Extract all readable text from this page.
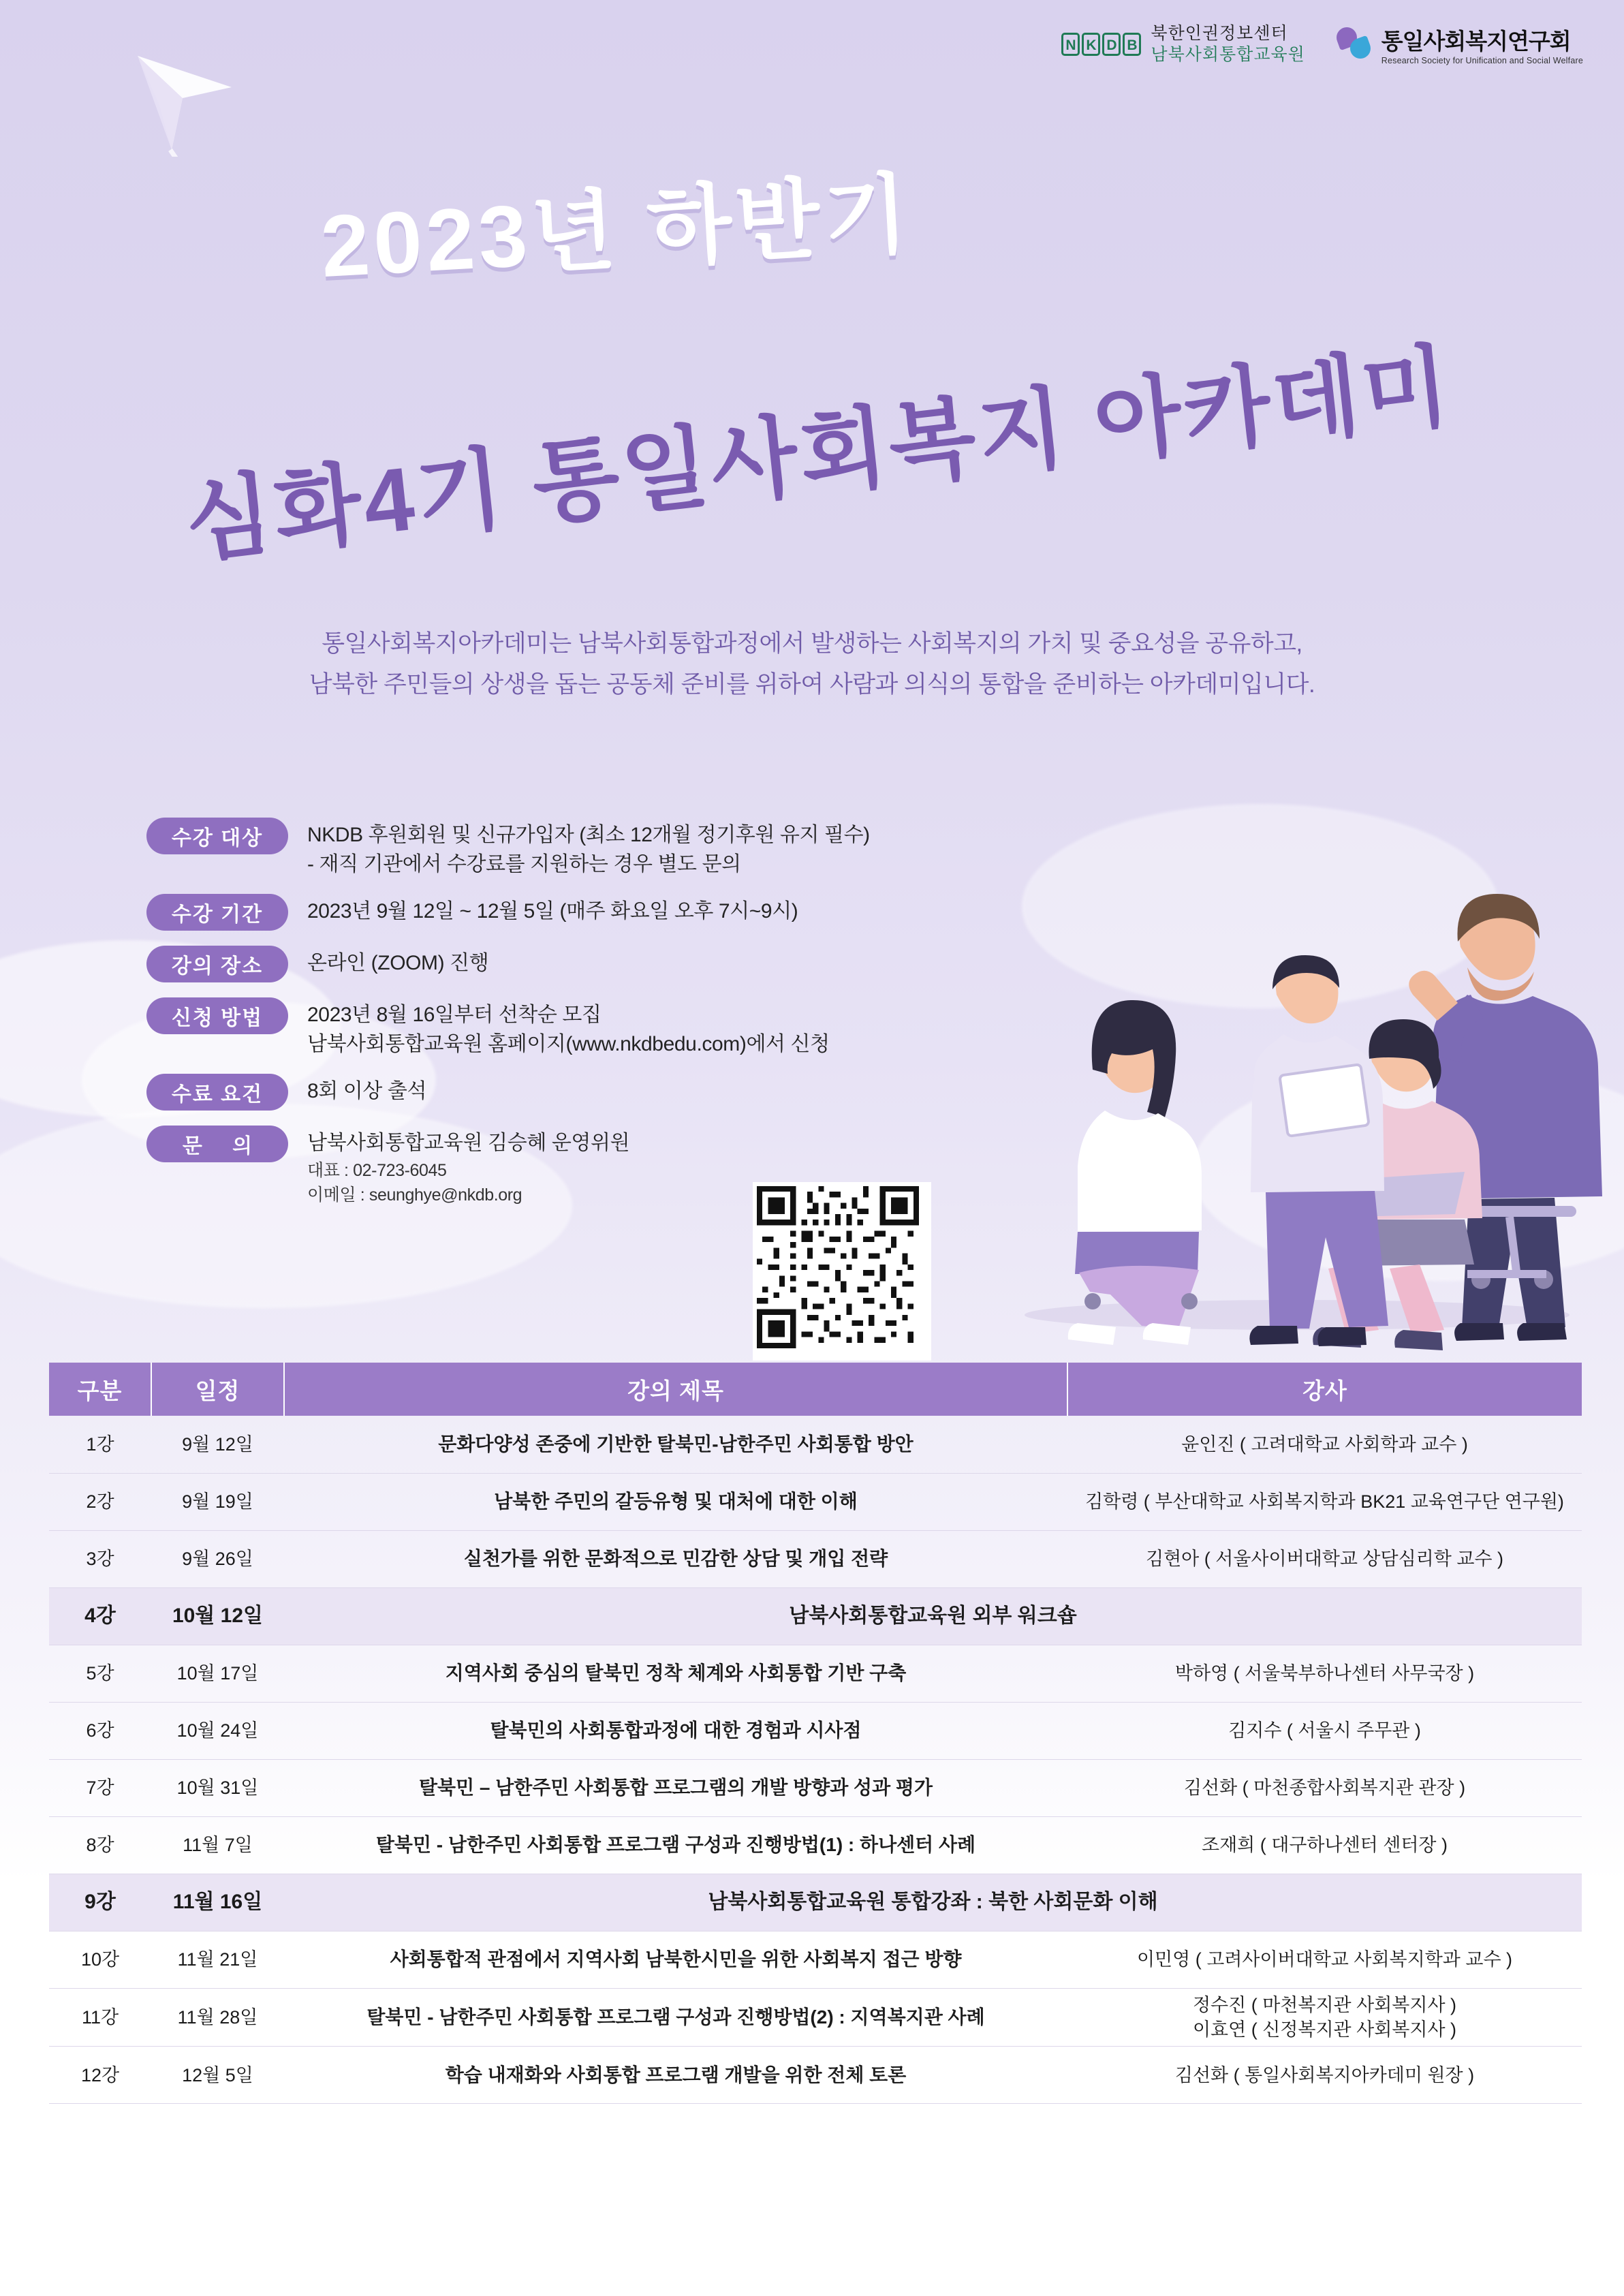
N K D B
북한인권정보센터
남북사회통합교육원
통일사회복지연구회
Research Society for Unification and Social Welfare
2023년 하반기
심화4기 통일사회복지 아카데미
통일사회복지아카데미는 남북사회통합과정에서 발생하는 사회복지의 가치 및 중요성을 공유하고,
남북한 주민들의 상생을 돕는 공동체 준비를 위하여 사람과 의식의 통합을 준비하는 아카데미입니다.
수강 대상	NKDB 후원회원 및 신규가입자 (최소 12개월 정기후원 유지 필수)
- 재직 기관에서 수강료를 지원하는 경우 별도 문의
수강 기간	2023년 9월 12일 ~ 12월 5일 (매주 화요일 오후 7시~9시)
강의 장소	온라인 (ZOOM) 진행
신청 방법	2023년 8월 16일부터 선착순 모집
남북사회통합교육원 홈페이지(www.nkdbedu.com)에서 신청
수료 요건	8회 이상 출석
문 의	남북사회통합교육원 김승혜 운영위원
대표 : 02-723-6045
이메일 : seunghye@nkdb.org
구분	일정	강의 제목	강사
1강	9월 12일	문화다양성 존중에 기반한 탈북민-남한주민 사회통합 방안	윤인진 ( 고려대학교 사회학과 교수 )
2강	9월 19일	남북한 주민의 갈등유형 및 대처에 대한 이해	김학령 ( 부산대학교 사회복지학과 BK21 교육연구단 연구원)
3강	9월 26일	실천가를 위한 문화적으로 민감한 상담 및 개입 전략	김현아 ( 서울사이버대학교 상담심리학 교수 )
4강	10월 12일	남북사회통합교육원 외부 워크숍	
5강	10월 17일	지역사회 중심의 탈북민 정착 체계와 사회통합 기반 구축	박하영 ( 서울북부하나센터 사무국장 )
6강	10월 24일	탈북민의 사회통합과정에 대한 경험과 시사점	김지수 ( 서울시 주무관 )
7강	10월 31일	탈북민 – 남한주민 사회통합 프로그램의 개발 방향과 성과 평가	김선화 ( 마천종합사회복지관 관장 )
8강	11월 7일	탈북민 - 남한주민 사회통합 프로그램 구성과 진행방법(1) : 하나센터 사례	조재희 ( 대구하나센터 센터장 )
9강	11월 16일	남북사회통합교육원 통합강좌 : 북한 사회문화 이해	
10강	11월 21일	사회통합적 관점에서 지역사회 남북한시민을 위한 사회복지 접근 방향	이민영 ( 고려사이버대학교 사회복지학과 교수 )
11강	11월 28일	탈북민 - 남한주민 사회통합 프로그램 구성과 진행방법(2) : 지역복지관 사례	정수진 ( 마천복지관 사회복지사 )
이효연 ( 신정복지관 사회복지사 )

12강	12월 5일	학습 내재화와 사회통합 프로그램 개발을 위한 전체 토론	김선화 ( 통일사회복지아카데미 원장 )
